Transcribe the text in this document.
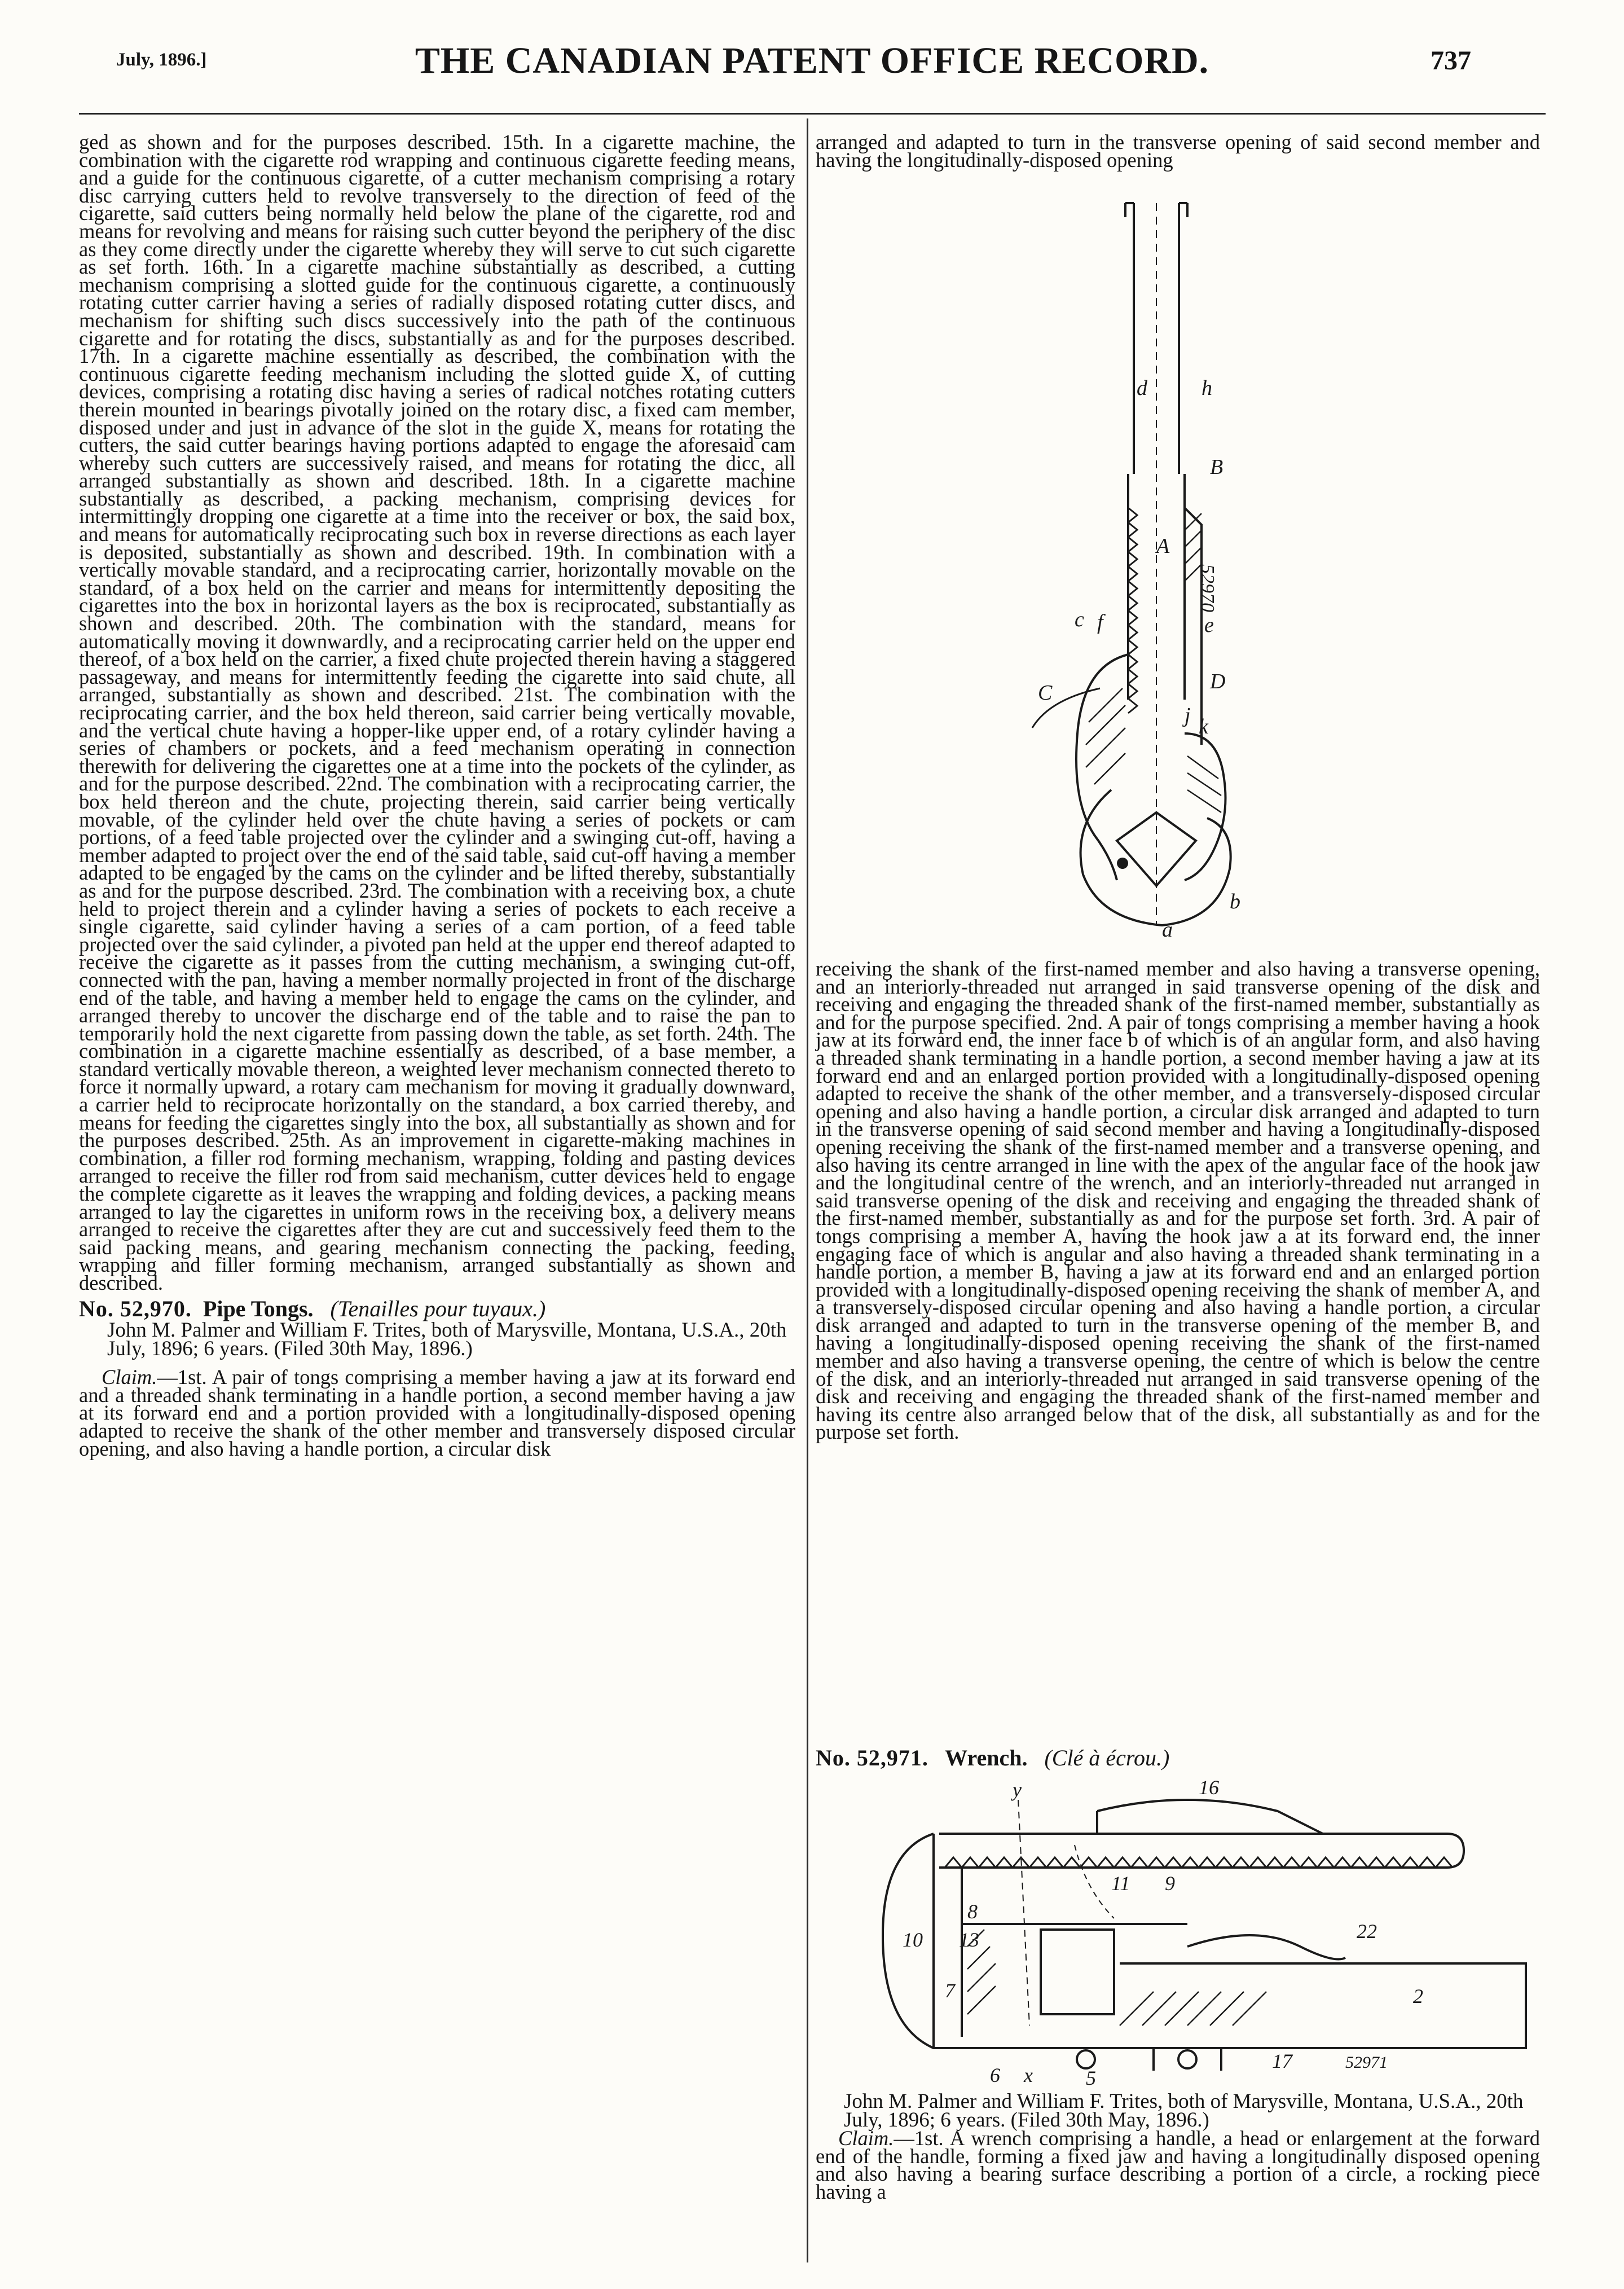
July, 1896.]	THE CANADIAN PATENT OFFICE RECORD.	737

ged as shown and for the purposes described. 15th. In a cigarette machine, the combination with the cigarette rod wrapping and continuous cigarette feeding means, and a guide for the continuous cigarette, of a cutter mechanism comprising a rotary disc carrying cutters held to revolve transversely to the direction of feed of the cigarette, said cutters being normally held below the plane of the cigarette, rod and means for revolving and means for raising such cutter beyond the periphery of the disc as they come directly under the cigarette whereby they will serve to cut such cigarette as set forth. 16th. In a cigarette machine substantially as described, a cutting mechanism comprising a slotted guide for the continuous cigarette, a continuously rotating cutter carrier having a series of radially disposed rotating cutter discs, and mechanism for shifting such discs successively into the path of the continuous cigarette and for rotating the discs, substantially as and for the purposes described. 17th. In a cigarette machine essentially as described, the combination with the continuous cigarette feeding mechanism including the slotted guide X, of cutting devices, comprising a rotating disc having a series of radical notches rotating cutters therein mounted in bearings pivotally joined on the rotary disc, a fixed cam member, disposed under and just in advance of the slot in the guide X, means for rotating the cutters, the said cutter bearings having portions adapted to engage the aforesaid cam whereby such cutters are successively raised, and means for rotating the dicc, all arranged substantially as shown and described. 18th. In a cigarette machine substantially as described, a packing mechanism, comprising devices for intermittingly dropping one cigarette at a time into the receiver or box, the said box, and means for automatically reciprocating such box in reverse directions as each layer is deposited, substantially as shown and described. 19th. In combination with a vertically movable standard, and a reciprocating carrier, horizontally movable on the standard, of a box held on the carrier and means for intermittently depositing the cigarettes into the box in horizontal layers as the box is reciprocated, substantially as shown and described. 20th. The combination with the standard, means for automatically moving it downwardly, and a reciprocating carrier held on the upper end thereof, of a box held on the carrier, a fixed chute projected therein having a staggered passageway, and means for intermittently feeding the cigarette into said chute, all arranged, substantially as shown and described. 21st. The combination with the reciprocating carrier, and the box held thereon, said carrier being vertically movable, and the vertical chute having a hopper-like upper end, of a rotary cylinder having a series of chambers or pockets, and a feed mechanism operating in connection therewith for delivering the cigarettes one at a time into the pockets of the cylinder, as and for the purpose described. 22nd. The combination with a reciprocating carrier, the box held thereon and the chute, projecting therein, said carrier being vertically movable, of the cylinder held over the chute having a series of pockets or cam portions, of a feed table projected over the cylinder and a swinging cut-off, having a member adapted to project over the end of the said table, said cut-off having a member adapted to be engaged by the cams on the cylinder and be lifted thereby, substantially as and for the purpose described. 23rd. The combination with a receiving box, a chute held to project therein and a cylinder having a series of pockets to each receive a single cigarette, said cylinder having a series of a cam portion, of a feed table projected over the said cylinder, a pivoted pan held at the upper end thereof adapted to receive the cigarette as it passes from the cutting mechanism, a swinging cut-off, connected with the pan, having a member normally projected in front of the discharge end of the table, and having a member held to engage the cams on the cylinder, and arranged thereby to uncover the discharge end of the table and to raise the pan to temporarily hold the next cigarette from passing down the table, as set forth. 24th. The combination in a cigarette machine essentially as described, of a base member, a standard vertically movable thereon, a weighted lever mechanism connected thereto to force it normally upward, a rotary cam mechanism for moving it gradually downward, a carrier held to reciprocate horizontally on the standard, a box carried thereby, and means for feeding the cigarettes singly into the box, all substantially as shown and for the purposes described. 25th. As an improvement in cigarette-making machines in combination, a filler rod forming mechanism, wrapping, folding and pasting devices arranged to receive the filler rod from said mechanism, cutter devices held to engage the complete cigarette as it leaves the wrapping and folding devices, a packing means arranged to lay the cigarettes in uniform rows in the receiving box, a delivery means arranged to receive the cigarettes after they are cut and successively feed them to the said packing means, and gearing mechanism connecting the packing, feeding, wrapping and filler forming mechanism, arranged substantially as shown and described.

No. 52,970. Pipe Tongs. (Tenailles pour tuyaux.)

John M. Palmer and William F. Trites, both of Marysville, Montana, U.S.A., 20th July, 1896; 6 years. (Filed 30th May, 1896.)

Claim.—1st. A pair of tongs comprising a member having a jaw at its forward end and a threaded shank terminating in a handle portion, a second member having a jaw at its forward end and a portion provided with a longitudinally-disposed opening adapted to receive the shank of the other member and transversely disposed circular opening, and also having a handle portion, a circular disk

arranged and adapted to turn in the transverse opening of said second member and having the longitudinally-disposed opening

d	h
B
A
e
f
c
C	D
j k
a
b
52970

receiving the shank of the first-named member and also having a transverse opening, and an interiorly-threaded nut arranged in said transverse opening of the disk and receiving and engaging the threaded shank of the first-named member, substantially as and for the purpose specified. 2nd. A pair of tongs comprising a member having a hook jaw at its forward end, the inner face b of which is of an angular form, and also having a threaded shank terminating in a handle portion, a second member having a jaw at its forward end and an enlarged portion provided with a longitudinally-disposed opening adapted to receive the shank of the other member, and a transversely-disposed circular opening and also having a handle portion, a circular disk arranged and adapted to turn in the transverse opening of said second member and having a longitudinally-disposed opening receiving the shank of the first-named member and a transverse opening, and also having its centre arranged in line with the apex of the angular face of the hook jaw and the longitudinal centre of the wrench, and an interiorly-threaded nut arranged in said transverse opening of the disk and receiving and engaging the threaded shank of the first-named member, substantially as and for the purpose set forth. 3rd. A pair of tongs comprising a member A, having the hook jaw a at its forward end, the inner engaging face of which is angular and also having a threaded shank terminating in a handle portion, a member B, having a jaw at its forward end and an enlarged portion provided with a longitudinally-disposed opening receiving the shank of member A, and a transversely-disposed circular opening and also having a handle portion, a circular disk arranged and adapted to turn in the transverse opening of the member B, and having a longitudinally-disposed opening receiving the shank of the first-named member and also having a transverse opening, the centre of which is below the centre of the disk, and an interiorly-threaded nut arranged in said transverse opening of the disk and receiving and engaging the threaded shank of the first-named member and having its centre also arranged below that of the disk, all substantially as and for the purpose set forth.

No. 52,971. Wrench. (Clé à écrou.)
16
11 9
10
8
13	22
7	2
6 x	5
17
y
52971

John M. Palmer and William F. Trites, both of Marysville, Montana, U.S.A., 20th July, 1896; 6 years. (Filed 30th May, 1896.)

Claim.—1st. A wrench comprising a handle, a head or enlargement at the forward end of the handle, forming a fixed jaw and having a longitudinally disposed opening and also having a bearing surface describing a portion of a circle, a rocking piece having a
